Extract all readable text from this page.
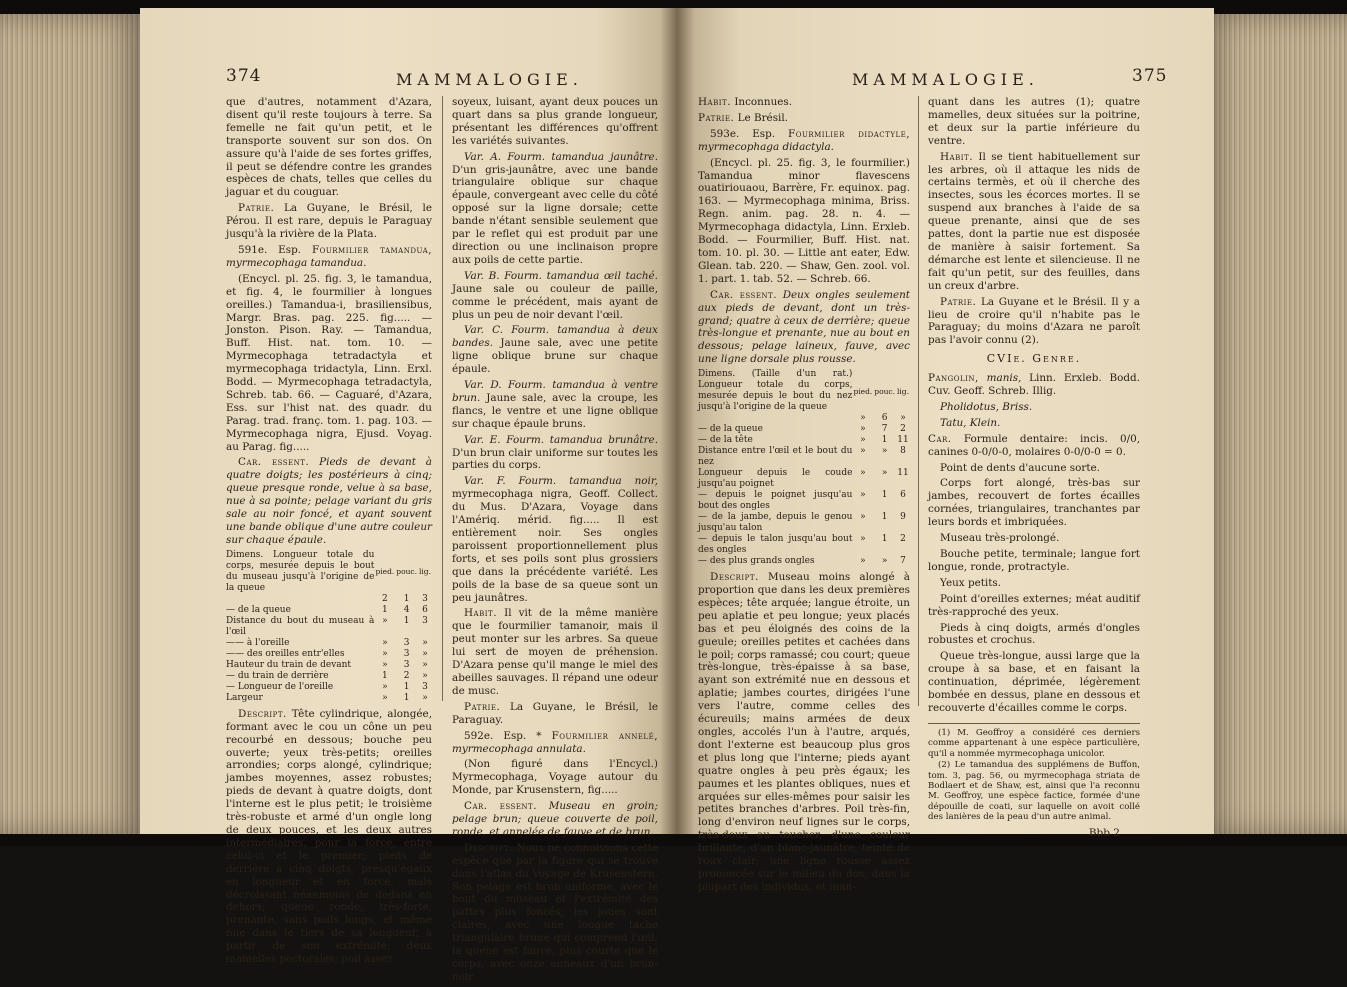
374	MAMMALOGIE.

que d'autres, notamment d'Azara, disent qu'il reste toujours à terre. Sa femelle ne fait qu'un petit, et le transporte souvent sur son dos. On assure qu'à l'aide de ses fortes griffes, il peut se défendre contre les grandes espèces de chats, telles que celles du jaguar et du couguar.

Patrie. La Guyane, le Brésil, le Pérou. Il est rare, depuis le Paraguay jusqu'à la rivière de la Plata.

591e. Esp. Fourmilier tamandua, myrmecophaga tamandua.

(Encycl. pl. 25. fig. 3, le tamandua, et fig. 4, le fourmilier à longues oreilles.) Tamandua-i, brasiliensibus, Margr. Bras. pag. 225. fig..... — Jonston. Pison. Ray. — Tamandua, Buff. Hist. nat. tom. 10. — Myrmecophaga tetradactyla et myrmecophaga tridactyla, Linn. Erxl. Bodd. — Myrmecophaga tetradactyla, Schreb. tab. 66. — Caguaré, d'Azara, Ess. sur l'hist nat. des quadr. du Parag. trad. franç. tom. 1. pag. 103. — Myrmecophaga nigra, Ejusd. Voyag. au Parag. fig.....

Car. essent. Pieds de devant à quatre doigts; les postérieurs à cinq; queue presque ronde, velue à sa base, nue à sa pointe; pelage variant du gris sale au noir foncé, et ayant souvent une bande oblique d'une autre couleur sur chaque épaule.

Dimens. Longueur totale du corps, mesurée depuis le bout du museau jusqu'à l'origine de la queue	pied.	pouc.	lig.
	2	1	3
— de la queue	1	4	6
Distance du bout du museau à l'œil	»	1	3
—— à l'oreille	»	3	»
—— des oreilles entr'elles	»	3	»
Hauteur du train de devant	»	3	»
— du train de derrière	1	2	»
— Longueur de l'oreille	»	1	3
Largeur	»	1	»

Descript. Tête cylindrique, alongée, formant avec le cou un cône un peu recourbé en dessous; bouche peu ouverte; yeux très-petits; oreilles arrondies; corps alongé, cylindrique; jambes moyennes, assez robustes; pieds de devant à quatre doigts, dont l'interne est le plus petit; le troisième très-robuste et armé d'un ongle long de deux pouces, et les deux autres intermédiaires, pour la force, entre celui-ci et le premier; pieds de derrière à cinq doigts, presqu'égaux en longueur et en force, mais décroissant néanmoins de dedans en dehors; queue ronde, très-forte, prenante, sans poils longs, et même nue dans le tiers de sa longueur, à partir de son extrémité; deux mamelles pectorales; poil assez

soyeux, luisant, ayant deux pouces un quart dans sa plus grande longueur, présentant les différences qu'offrent les variétés suivantes.

Var. A. Fourm. tamandua jaunâtre. D'un gris-jaunâtre, avec une bande triangulaire oblique sur chaque épaule, convergeant avec celle du côté opposé sur la ligne dorsale; cette bande n'étant sensible seulement que par le reflet qui est produit par une direction ou une inclinaison propre aux poils de cette partie.

Var. B. Fourm. tamandua œil taché. Jaune sale ou couleur de paille, comme le précédent, mais ayant de plus un peu de noir devant l'œil.

Var. C. Fourm. tamandua à deux bandes. Jaune sale, avec une petite ligne oblique brune sur chaque épaule.

Var. D. Fourm. tamandua à ventre brun. Jaune sale, avec la croupe, les flancs, le ventre et une ligne oblique sur chaque épaule bruns.

Var. E. Fourm. tamandua brunâtre. D'un brun clair uniforme sur toutes les parties du corps.

Var. F. Fourm. tamandua noir, myrmecophaga nigra, Geoff. Collect. du Mus. D'Azara, Voyage dans l'Amériq. mérid. fig..... Il est entièrement noir. Ses ongles paroissent proportionnellement plus forts, et ses poils sont plus grossiers que dans la précédente variété. Les poils de la base de sa queue sont un peu jaunâtres.

Habit. Il vit de la même manière que le fourmilier tamanoir, mais il peut monter sur les arbres. Sa queue lui sert de moyen de préhension. D'Azara pense qu'il mange le miel des abeilles sauvages. Il répand une odeur de musc.

Patrie. La Guyane, le Brésil, le Paraguay.

592e. Esp. * Fourmilier annelé, myrmecophaga annulata.

(Non figuré dans l'Encycl.) Myrmecophaga, Voyage autour du Monde, par Krusenstern, fig.....

Car. essent. Museau en groin; pelage brun; queue couverte de poil, ronde, et annelée de fauve et de brun.

Descript. Nous ne connoissons cette espèce que par la figure qui se trouve dans l'atlas du Voyage de Krusenstern. Son pelage est brun uniforme, avec le bout du museau et l'extrémité des pattes plus foncés; les joues sont claires, avec une longue tache triangulaire brune qui comprend l'œil; la queue est fauve, plus courte que le corps, avec onze anneaux d'un brun-noir.

MAMMALOGIE.	375

Habit. Inconnues.

Patrie. Le Brésil.

593e. Esp. Fourmilier didactyle, myrmecophaga didactyla.

(Encycl. pl. 25. fig. 3, le fourmilier.) Tamandua minor flavescens ouatiriouaou, Barrère, Fr. equinox. pag. 163. — Myrmecophaga minima, Briss. Regn. anim. pag. 28. n. 4. — Myrmecophaga didactyla, Linn. Erxleb. Bodd. — Fourmilier, Buff. Hist. nat. tom. 10. pl. 30. — Little ant eater, Edw. Glean. tab. 220. — Shaw, Gen. zool. vol. 1. part. 1. tab. 52. — Schreb. 66.

Car. essent. Deux ongles seulement aux pieds de devant, dont un très-grand; quatre à ceux de derrière; queue très-longue et prenante, nue au bout en dessous; pelage laineux, fauve, avec une ligne dorsale plus rousse.

Dimens. (Taille d'un rat.) Longueur totale du corps, mesurée depuis le bout du nez jusqu'à l'origine de la queue	pied.	pouc.	lig.
	»	6	»
— de la queue	»	7	2
— de la tête	»	1	11
Distance entre l'œil et le bout du nez	»	»	8
Longueur depuis le coude jusqu'au poignet	»	»	11
— depuis le poignet jusqu'au bout des ongles	»	1	6
— de la jambe, depuis le genou jusqu'au talon	»	1	9
— depuis le talon jusqu'au bout des ongles	»	1	2
— des plus grands ongles	»	»	7

Descript. Museau moins alongé à proportion que dans les deux premières espèces; tête arquée; langue étroite, un peu aplatie et peu longue; yeux placés bas et peu éloignés des coins de la gueule; oreilles petites et cachées dans le poil; corps ramassé; cou court; queue très-longue, très-épaisse à sa base, ayant son extrémité nue en dessous et aplatie; jambes courtes, dirigées l'une vers l'autre, comme celles des écureuils; mains armées de deux ongles, accolés l'un à l'autre, arqués, dont l'externe est beaucoup plus gros et plus long que l'interne; pieds ayant quatre ongles à peu près égaux; les paumes et les plantes obliques, nues et arquées sur elles-mêmes pour saisir les petites branches d'arbres. Poil très-fin, long d'environ neuf lignes sur le corps, très-doux au toucher, d'une couleur brillante, d'un blanc-jaunâtre, teinté de roux clair; une ligne rousse assez prononcée sur le milieu du dos, dans la plupart des individus, et man-

quant dans les autres (1); quatre mamelles, deux situées sur la poitrine, et deux sur la partie inférieure du ventre.

Habit. Il se tient habituellement sur les arbres, où il attaque les nids de certains termès, et où il cherche des insectes, sous les écorces mortes. Il se suspend aux branches à l'aide de sa queue prenante, ainsi que de ses pattes, dont la partie nue est disposée de manière à saisir fortement. Sa démarche est lente et silencieuse. Il ne fait qu'un petit, sur des feuilles, dans un creux d'arbre.

Patrie. La Guyane et le Brésil. Il y a lieu de croire qu'il n'habite pas le Paraguay; du moins d'Azara ne paroît pas l'avoir connu (2).

CVIe. Genre.

Pangolin, manis, Linn. Erxleb. Bodd. Cuv. Geoff. Schreb. Illig.

Pholidotus, Briss.

Tatu, Klein.

Car. Formule dentaire: incis. 0/0, canines 0-0/0-0, molaires 0-0/0-0 = 0.

Point de dents d'aucune sorte.

Corps fort alongé, très-bas sur jambes, recouvert de fortes écailles cornées, triangulaires, tranchantes par leurs bords et imbriquées.

Museau très-prolongé.

Bouche petite, terminale; langue fort longue, ronde, protractyle.

Yeux petits.

Point d'oreilles externes; méat auditif très-rapproché des yeux.

Pieds à cinq doigts, armés d'ongles robustes et crochus.

Queue très-longue, aussi large que la croupe à sa base, et en faisant la continuation, déprimée, légèrement bombée en dessus, plane en dessous et recouverte d'écailles comme le corps.

(1) M. Geoffroy a considéré ces derniers comme appartenant à une espèce particulière, qu'il a nommée myrmecophaga unicolor.

(2) Le tamandua des supplémens de Buffon, tom. 3, pag. 56, ou myrmecophaga striata de Bodlaert et de Shaw, est, ainsi que l'a reconnu M. Geoffroy, une espèce factice, formée d'une dépouille de coati, sur laquelle on avoit collé des lanières de la peau d'un autre animal.

Bbb 2
